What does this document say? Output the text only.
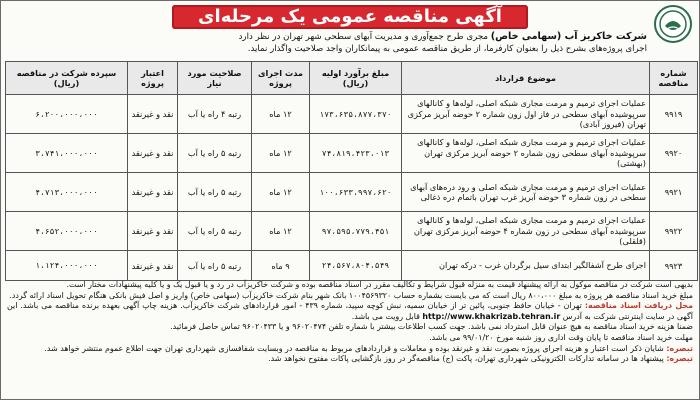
آگهی مناقصه عمومی یک مرحله‌ای
شرکت خاکریز آب (سهامی خاص) مجری طرح جمع‌آوری و مدیریت آبهای سطحی شهر تهران در نظر دارد
اجرای پروژه‌های بشرح ذیل را بعنوان کارفرما، از طریق مناقصه عمومی به پیمانکاران واجد صلاحیت واگذار نماید.
شماره مناقصه	موضوع قرارداد	مبلغ برآورد اولیه (ریال)	مدت اجرای پروژه	صلاحیت مورد نیاز	اعتبار پروژه	سپرده شرکت در مناقصه (ریال)
۹۹۱۹	عملیات اجرای ترمیم و مرمت مجاری شبکه اصلی، لوله‌ها و کانالهای سرپوشیده آبهای سطحی در فاز اول زون شماره ۲ حوضه آبریز مرکزی تهران (فیروز آبادی)	۱۷۳،۶۳۵،۸۷۷،۳۷۰	۱۲ ماه	رتبه ۴ راه یا آب	نقد و غیرنقد	۶،۲۰۰،۰۰۰،۰۰۰
۹۹۲۰	عملیات اجرای ترمیم و مرمت مجاری شبکه اصلی، لوله‌ها و کانالهای سرپوشیده آبهای سطحی زون شماره ۲ حوضه آبریز مرکزی تهران (بهشتی)	۷۴،۸۱۹،۴۲۳،۰۱۳	۱۲ ماه	رتبه ۵ راه یا آب	نقد و غیرنقد	۳،۷۴۱،۰۰۰،۰۰۰
۹۹۲۱	عملیات اجرای ترمیم و مرمت مجاری شبکه اصلی و رود دره‌های آبهای سطحی در زون شماره ۳ حوضه آبریز غرب تهران باتمام دره ذغالی	۱۰۰،۶۳۳،۹۹۷،۶۲۰	۱۲ ماه	رتبه ۵ راه یا آب	نقد و غیرنقد	۴،۷۱۳،۰۰۰،۰۰۰
۹۹۲۲	عملیات اجرای ترمیم و مرمت مجاری شبکه اصلی، لوله‌ها و کانالهای سرپوشیده آبهای سطحی در زون شماره ۴ حوضه آبریز مرکزی تهران (قلقلی)	۹۷،۵۹۵،۷۷۹،۴۵۱	۱۲ ماه	رتبه ۵ راه یا آب	نقد و غیرنقد	۴،۶۵۲،۰۰۰،۰۰۰
۹۹۲۳	اجرای طرح آشفالگیر ابتدای سیل برگردان غرب - درکه تهران	۲۴،۵۶۷،۸۰۴،۵۴۹	۹ ماه	رتبه ۵ راه یا آب	نقد و غیرنقد	۱،۱۲۴،۰۰۰،۰۰۰

بدیهی است شرکت در مناقصه موکول به ارائه پیشنهاد قیمت به منزله قبول شرایط و تکالیف مقرر در اسناد مناقصه بوده و شرکت خاکریزآب در رد و یا قبول یک و یا کلیه پیشنهادات مختار است.

مبلغ خرید اسناد مناقصه هر پروژه به مبلغ ۸۰۰،۰۰۰ ریال است که می بایست بشماره حساب ۱۰۰۴۵۶۹۳۲۰ بانک شهر بنام شرکت خاکریزآب (سهامی خاص) واریز و اصل فیش بانکی هنگام تحویل اسناد ارائه گردد.

محل دریافت اسناد مناقصه: تهران - خیابان حافظ جنوبی، پائین تر از خیابان سمیه، نبش کوچه سپید، شماره ۴۳۹ - امور قراردادهای شرکت خاکریزآب. هزینه چاپ آگهی بعهده برنده مناقصه می باشد. این آگهی در سایت اینترنتی شرکت به آدرس http://www.khakrizab.tehran.ir قابل رویت می باشد.

ضمنا هزینه خرید اسناد مناقصه به هیچ عنوان قابل استرداد نمی باشد. جهت کسب اطلاعات بیشتر با شماره تلفن ۹۶۰۲۰۴۷۴ و یا ۹۶۰۲۰۴۳۳ تماس حاصل فرمائید.

مهلت خرید اسناد مناقصه تا پایان وقت اداری روز شنبه مورخ ۹۹/۰۱/۲۰ می باشد.

تبصره: شایان ذکر است اعتبار و هزینه اجرای پروژه بصورت نقد و غیرنقد بوده و معاملات و قراردادهای مربوط به مناقصه در وبسایت شفافسازی شهرداری تهران جهت اطلاع عموم منتشر خواهد شد.

تبصره: پیشنهاد ها در سامانه تدارکات الکترونیکی شهرداری تهران، پاکت (ج) مناقصه‌گر در روز بازگشایی پاکات مفتوح نخواهد شد.
